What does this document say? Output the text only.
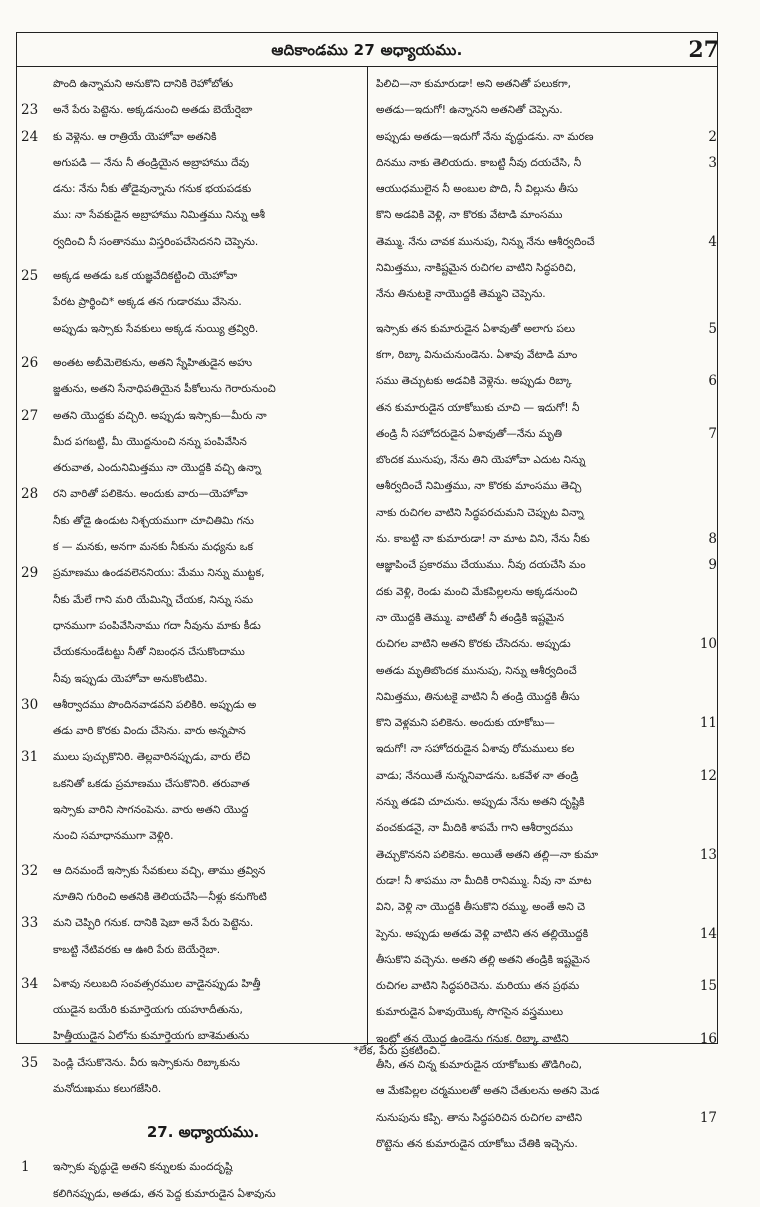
ఆదికాండము 27 అధ్యాయము.	27
పొంది ఉన్నామని అనుకొని దానికి రెహోబోతు
23 అనే పేరు పెట్టెను. అక్కడనుంచి అతడు బెయేర్షెబా
24 కు వెళ్లెను. ఆ రాత్రియే యెహోవా అతనికి
అగుపడి — నేను నీ తండ్రియైన అబ్రాహాము దేవు
డను: నేను నీకు తోడైవున్నాను గనుక భయపడకు
ము: నా సేవకుడైన అబ్రాహాము నిమిత్తము నిన్ను ఆశీ
ర్వదించి నీ సంతానము విస్తరింపచేసెదనని చెప్పెను.
25 అక్కడ అతడు ఒక యజ్ఞవేదికట్టించి యెహోవా
పేరట ప్రార్థించి* అక్కడ తన గుడారము వేసెను.
అప్పుడు ఇస్సాకు సేవకులు అక్కడ నుయ్యి త్రవ్విరి.
26 అంతట అబీమెలెకును, అతని స్నేహితుడైన అహు
జ్జతును, అతని సేనాధిపతియైన పీకోలును గెరారునుంచి
27 అతని యొద్దకు వచ్చిరి. అప్పుడు ఇస్సాకు—మీరు నా
మీద పగబట్టి, మీ యొద్దనుంచి నన్ను పంపివేసిన
తరువాత, ఎందునిమిత్తము నా యొద్దకి వచ్చి ఉన్నా
28 రని వారితో పలికెను. అందుకు వారు—యెహోవా
నీకు తోడై ఉండుట నిశ్చయముగా చూచితిమి గను
క — మనకు, అనగా మనకు నీకును మధ్యను ఒక
29 ప్రమాణము ఉండవలెననియు: మేము నిన్ను ముట్టక,
నీకు మేలే గాని మరి యేమిన్ని చేయక, నిన్ను సమ
ధానముగా పంపివేసినాము గదా నీవును మాకు కీడు
చేయకనుండేటట్టు నీతో నిబంధన చేసుకొందాము
నీవు ఇప్పుడు యెహోవా అనుకొంటిమి.
30 ఆశీర్వాదము పొందినవాడవని పలికిరి. అప్పుడు అ
తడు వారి కొరకు విందు చేసెను. వారు అన్నపాన
31 ములు పుచ్చుకొనిరి. తెల్లవారినప్పుడు, వారు లేచి
ఒకనితో ఒకడు ప్రమాణము చేసుకొనిరి. తరువాత
ఇస్సాకు వారిని సాగనంపెను. వారు అతని యొద్ద
నుంచి సమాధానముగా వెళ్లిరి.
32 ఆ దినమందే ఇస్సాకు సేవకులు వచ్చి, తాము త్రవ్విన
నూతిని గురించి అతనికి తెలియచేసి—నీళ్లు కనుగొంటి
33 మని చెప్పిరి గనుక. దానికి షెబా అనే పేరు పెట్టెను.
కాబట్టి నేటివరకు ఆ ఊరి పేరు బెయేర్షెబా.
34 ఏశావు నలుబది సంవత్సరముల వాడైనప్పుడు హిత్తీ
యుడైన బయేరి కుమార్తెయగు యహూదీతును,
హిత్తీయుడైన ఏలోను కుమార్తెయగు బాశెమతును
35 పెండ్లి చేసుకొనెను. వీరు ఇస్సాకును రిబ్కాకును
మనోదుఃఖము కలుగజేసిరి.
27. అధ్యాయము.
1 ఇస్సాకు వృద్ధుడై అతని కన్నులకు మందదృష్టి
కలిగినప్పుడు, అతడు, తన పెద్ద కుమారుడైన ఏశావును
పిలిచి—నా కుమారుడా! అని అతనితో పలుకగా,
అతడు—ఇదుగో! ఉన్నానని అతనితో చెప్పెను.
2
అప్పుడు అతడు—ఇదుగో నేను వృద్ధుడను. నా మరణ
3
దినము నాకు తెలియదు. కాబట్టి నీవు దయచేసి, నీ
ఆయుధములైన నీ అంబుల పొది, నీ విల్లును తీసు
కొని అడవికి వెళ్లి, నా కొరకు వేటాడి మాంసము
4
తెమ్ము. నేను చావక మునుపు, నిన్ను నేను ఆశీర్వదించే
నిమిత్తము, నాకిష్టమైన రుచిగల వాటిని సిద్ధపరిచి,
నేను తినుటకై నాయొద్దకి తెమ్మని చెప్పెను.
5
ఇస్సాకు తన కుమారుడైన ఏశావుతో అలాగు పలు
కగా, రిబ్కా వినుచునుండెను. ఏశావు వేటాడి మాం
6
సము తెచ్చుటకు అడవికి వెళ్లెను. అప్పుడు రిబ్కా
తన కుమారుడైన యాకోబుకు చూచి — ఇదుగో! నీ
7
తండ్రి నీ సహోదరుడైన ఏశావుతో—నేను మృతి
బొందక మునుపు, నేను తిని యెహోవా ఎదుట నిన్ను
ఆశీర్వదించే నిమిత్తము, నా కొరకు మాంసము తెచ్చి
నాకు రుచిగల వాటిని సిద్ధపరచుమని చెప్పుట విన్నా
8
ను. కాబట్టి నా కుమారుడా! నా మాట విని, నేను నీకు
9
ఆజ్ఞాపించే ప్రకారము చేయుము. నీవు దయచేసి మం
దకు వెళ్లి, రెండు మంచి మేకపిల్లలను అక్కడనుంచి
నా యొద్దకి తెమ్ము. వాటితో నీ తండ్రికి ఇష్టమైన
10
రుచిగల వాటిని అతని కొరకు చేసెదను. అప్పుడు
అతడు మృతిబొందక మునుపు, నిన్ను ఆశీర్వదించే
నిమిత్తము, తినుటకై వాటిని నీ తండ్రి యొద్దకి తీసు
11
కొని వెళ్లమని పలికెను. అందుకు యాకోబు—
ఇదుగో! నా సహోదరుడైన ఏశావు రోమములు కల
12
వాడు; నేనయితే నున్ననివాడను. ఒకవేళ నా తండ్రి
నన్ను తడవి చూచును. అప్పుడు నేను అతని దృష్టికి
వంచకుడనై, నా మీదికి శాపమే గాని ఆశీర్వాదము
13
తెచ్చుకొననని పలికెను. అయితే అతని తల్లి—నా కుమా
రుడా! నీ శాపము నా మీదికి రానిమ్ము. నీవు నా మాట
విని, వెళ్లి నా యొద్దకి తీసుకొని రమ్ము, అంతే అని చె
14
ప్పెను. అప్పుడు అతడు వెళ్లి వాటిని తన తల్లియొద్దకి
తీసుకొని వచ్చెను. అతని తల్లి అతని తండ్రికి ఇష్టమైన
15
రుచిగల వాటిని సిద్ధపరిచెను. మరియు తన ప్రథమ
కుమారుడైన ఏశావుయొక్క సొగసైన వస్త్రములు
16
ఇంట్లో తన యొద్ద ఉండెను గనుక. రిబ్కా వాటిని
తీసి, తన చిన్న కుమారుడైన యాకోబుకు తొడిగించి,
ఆ మేకపిల్లల చర్మములతో అతని చేతులను అతని మెడ
17
నునుపును కప్పి. తాను సిద్ధపరిచిన రుచిగల వాటిని
రొట్టెను తన కుమారుడైన యాకోబు చేతికి ఇచ్చెను.
*లేక, పేరు ప్రకటించి.
